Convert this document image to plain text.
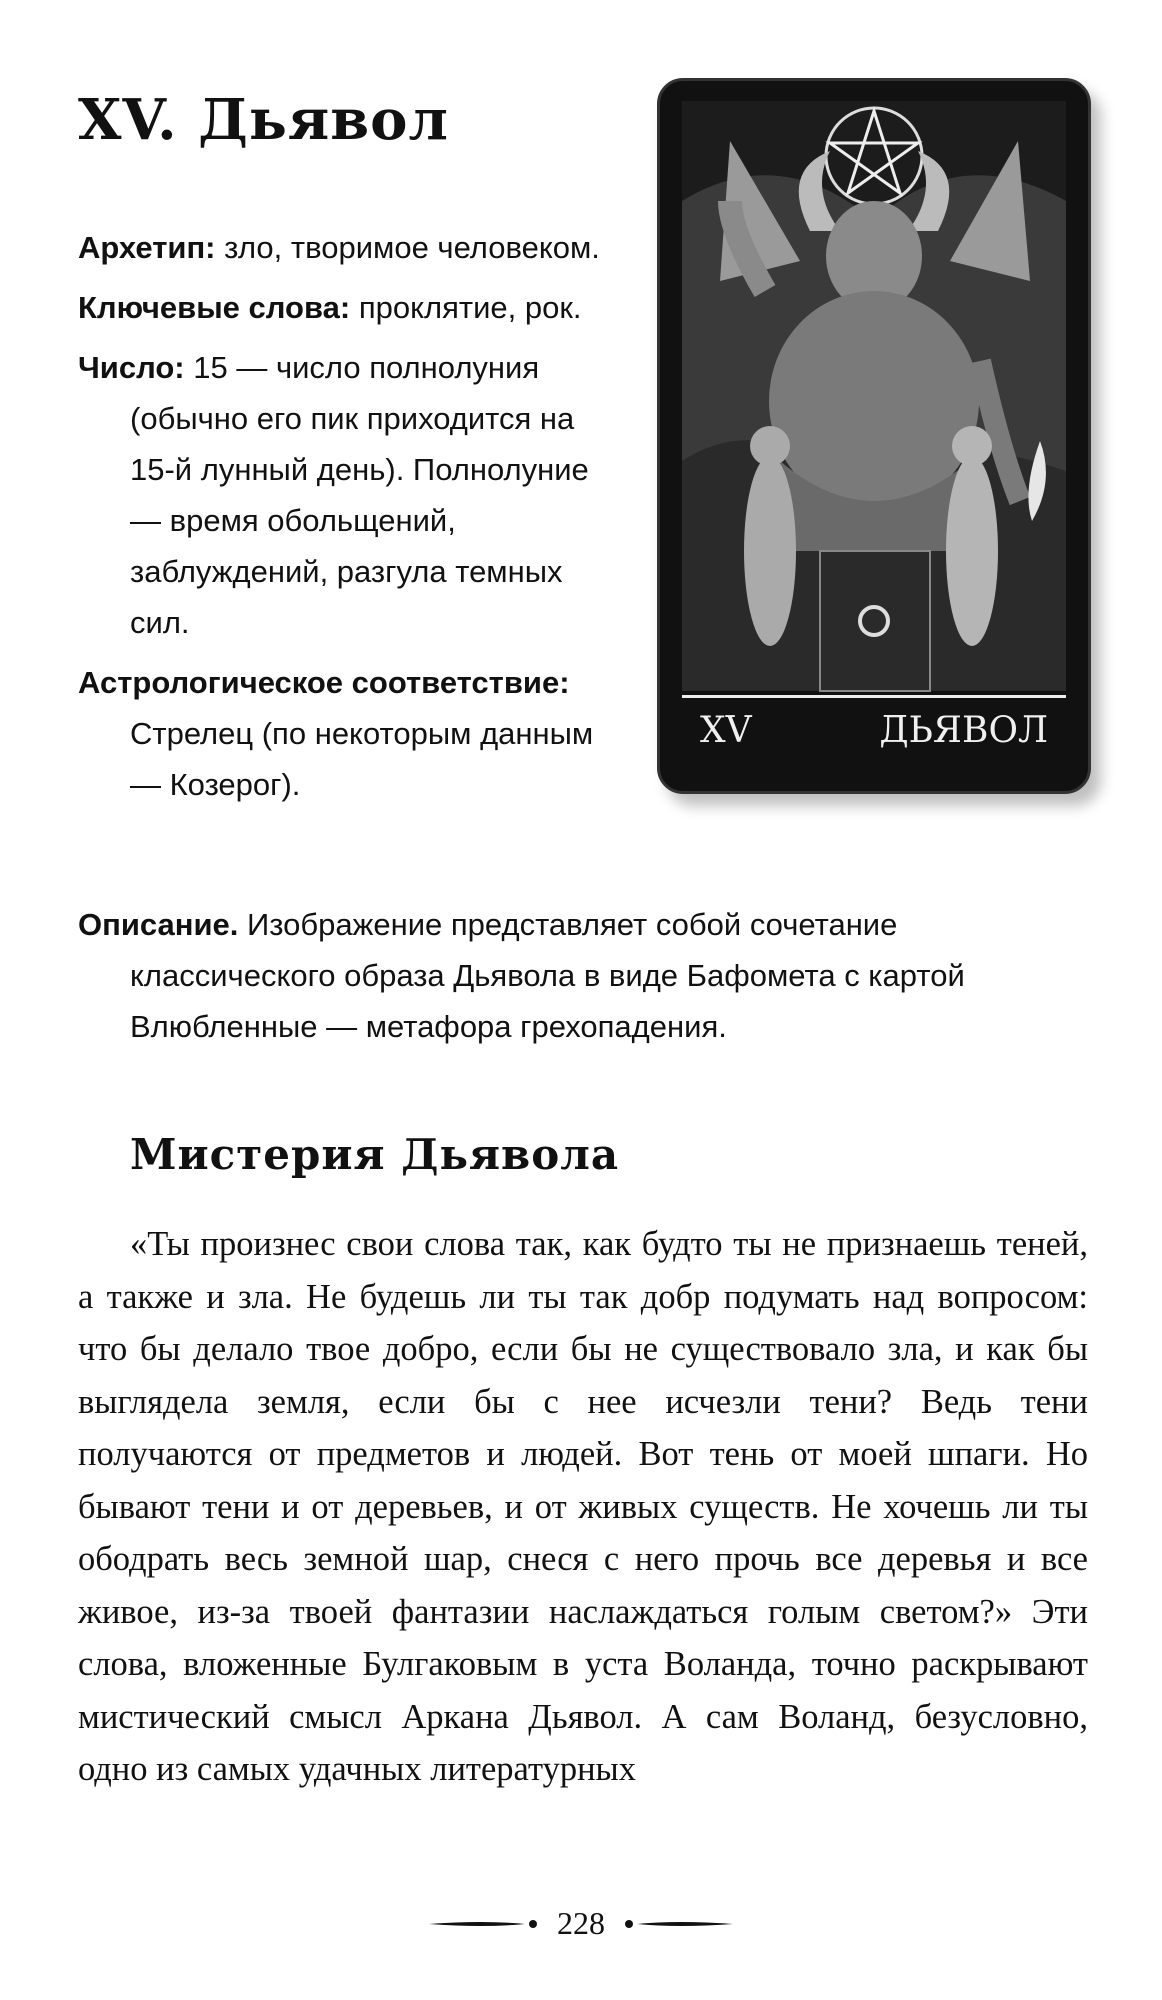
XV. Дьявол

Архетип: зло, творимое человеком.

Ключевые слова: проклятие, рок.

Число: 15 — число полнолуния (обычно его пик приходится на 15-й лунный день). Полнолуние — время обольщений, заблуждений, разгула темных сил.

Астрологическое соответствие: Стрелец (по некоторым данным — Козерог).

XV	ДЬЯВОЛ

Описание. Изображение представляет собой сочетание классического образа Дьявола в виде Бафомета с картой Влюбленные — метафора грехопадения.

Мистерия Дьявола

«Ты произнес свои слова так, как будто ты не признаешь теней, а также и зла. Не будешь ли ты так добр подумать над вопросом: что бы делало твое добро, если бы не существовало зла, и как бы выглядела земля, если бы с нее исчезли тени? Ведь тени получаются от предметов и людей. Вот тень от моей шпаги. Но бывают тени и от деревьев, и от живых существ. Не хочешь ли ты ободрать весь земной шар, снеся с него прочь все деревья и все живое, из-за твоей фантазии наслаждаться голым светом?» Эти слова, вложенные Булгаковым в уста Воланда, точно раскрывают мистический смысл Аркана Дьявол. А сам Воланд, безусловно, одно из самых удачных литературных

228
